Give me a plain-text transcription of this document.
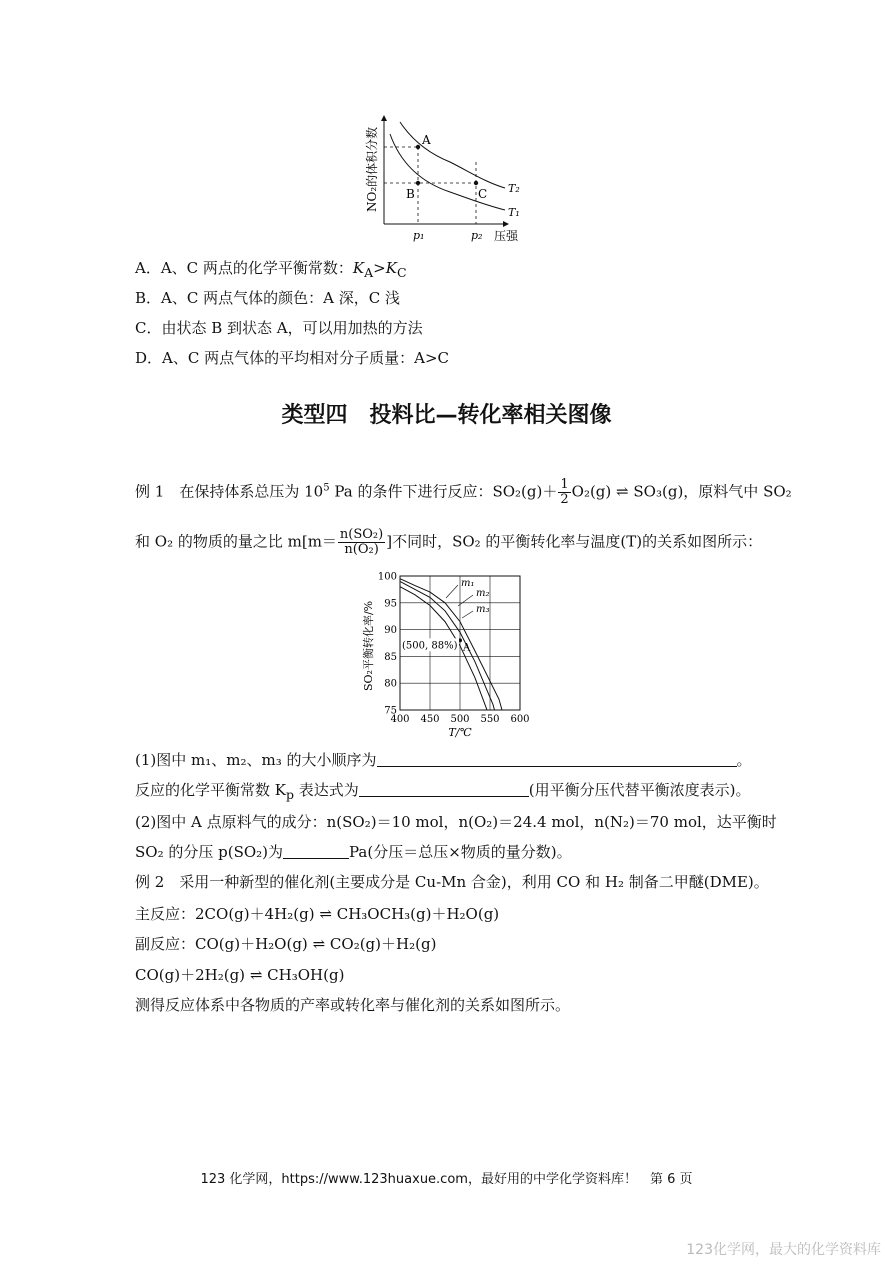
A
B	C T₂
T₁
p₁	p₂ 压强
NO₂的体积分数
A．A、C 两点的化学平衡常数：$K_A>K_C$
B．A、C 两点气体的颜色：A 深，C 浅
C．由状态 B 到状态 A，可以用加热的方法
D．A、C 两点气体的平均相对分子质量：A>C
类型四　投料比—转化率相关图像
例 1　 在保持体系总压为 $10^5$ Pa 的条件下进行反应：$SO_2(g)+ \frac{1}{2} O_2(g)$ ⇌ SO₃(g)，原料气中 SO₂
和 O₂ 的物质的量之比 $m[m= \frac{\text{n(SO₂)}}{\text{n(O₂)}}$ ]不同时，SO₂ 的平衡转化率与温度(T)的关系如图所示：
400 450 500 550 600
75
80
85
90
95
100
m₁
m₂
m₃
A
(500, 88%)
T/℃
SO₂平衡转化率/%
(1)图中 m₁、m₂、m₃ 的大小顺序为	。
反应的化学平衡常数 $K_p$ 表达式为	(用平衡分压代替平衡浓度表示)。
(2)图中 A 点原料气的成分：n(SO₂)＝10 mol，n(O₂)＝24.4 mol，n(N₂)＝70 mol，达平衡时
SO₂ 的分压 p(SO₂)为	Pa(分压＝总压×物质的量分数)。
例 2　采用一种新型的催化剂(主要成分是 Cu-Mn 合金)，利用 CO 和 H₂ 制备二甲醚(DME)。
主反应：2CO(g)＋4H₂(g) ⇌ CH₃OCH₃(g)＋H₂O(g)
副反应：CO(g)＋H₂O(g) ⇌ CO₂(g)＋H₂(g)
CO(g)＋2H₂(g) ⇌ CH₃OH(g)
测得反应体系中各物质的产率或转化率与催化剂的关系如图所示。
123 化学网，https://www.123huaxue.com，最好用的中学化学资料库！　第 6 页
123化学网，最大的化学资料库
